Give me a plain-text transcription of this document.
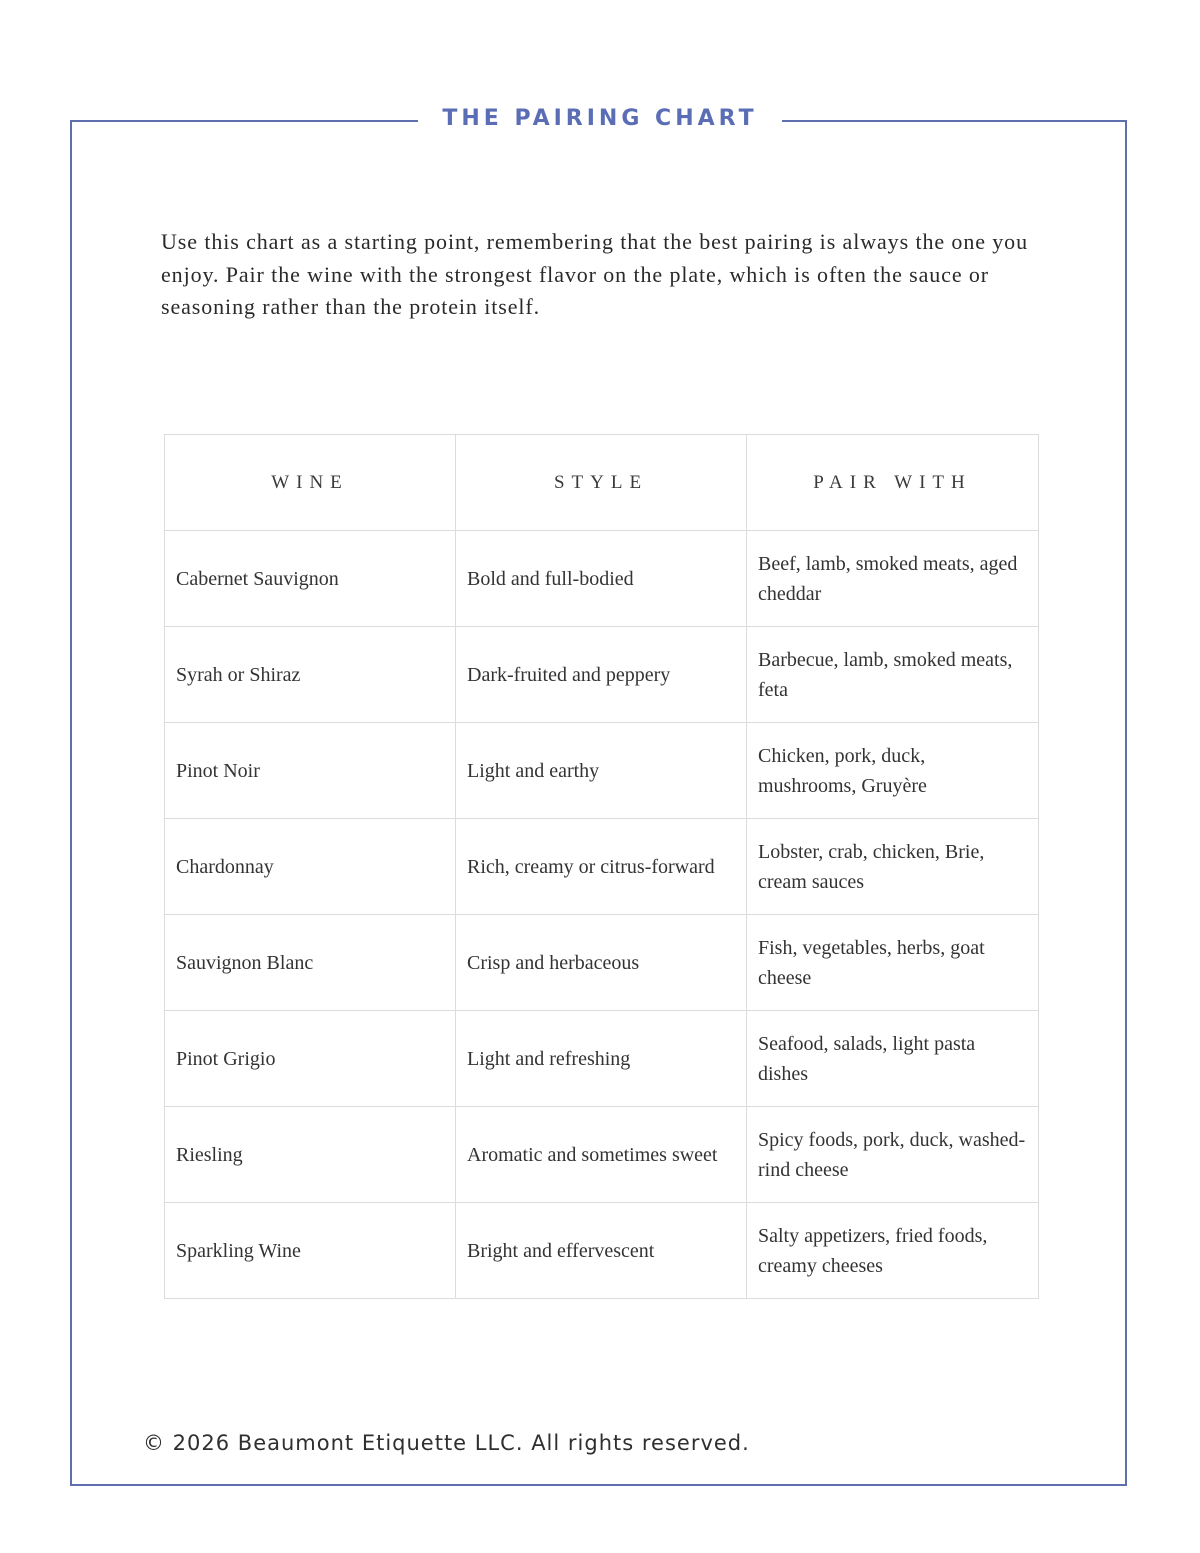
THE PAIRING CHART

Use this chart as a starting point, remembering that the best pairing is always the one you enjoy. Pair the wine with the strongest flavor on the plate, which is often the sauce or seasoning rather than the protein itself.

WINE	STYLE	PAIR WITH
Cabernet Sauvignon	Bold and full-bodied	Beef, lamb, smoked meats, aged cheddar
Syrah or Shiraz	Dark-fruited and peppery	Barbecue, lamb, smoked meats, feta
Pinot Noir	Light and earthy	Chicken, pork, duck, mushrooms, Gruyère
Chardonnay	Rich, creamy or citrus-forward	Lobster, crab, chicken, Brie, cream sauces
Sauvignon Blanc	Crisp and herbaceous	Fish, vegetables, herbs, goat cheese
Pinot Grigio	Light and refreshing	Seafood, salads, light pasta dishes
Riesling	Aromatic and sometimes sweet	Spicy foods, pork, duck, washed-rind cheese
Sparkling Wine	Bright and effervescent	Salty appetizers, fried foods, creamy cheeses

© 2026 Beaumont Etiquette LLC. All rights reserved.
